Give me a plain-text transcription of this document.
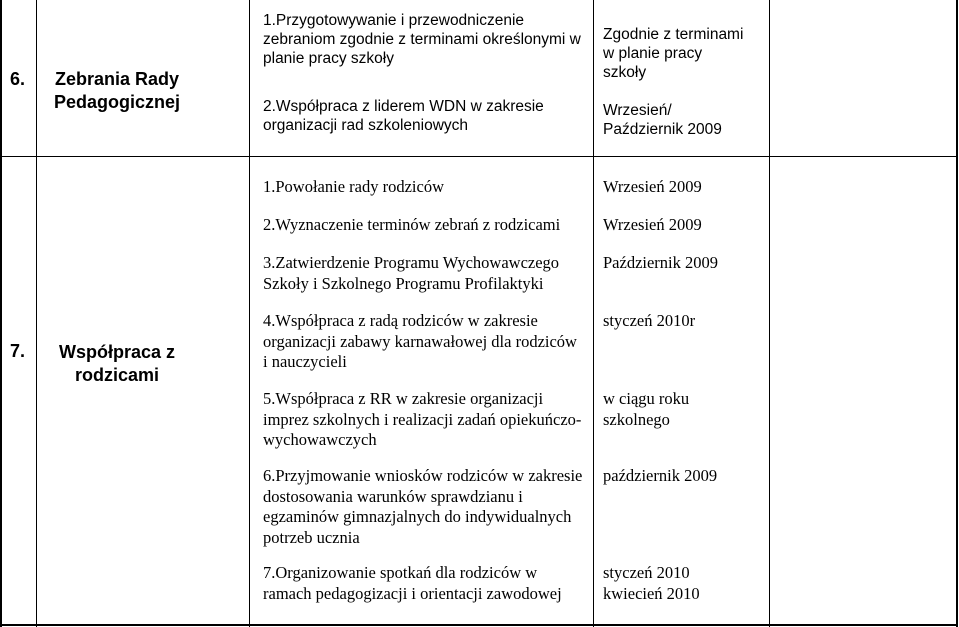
6.	Zebrania Rady
Pedagogicznej
1.Przygotowywanie i przewodniczenie
zebraniom zgodnie z terminami określonymi w
planie pracy szkoły
2.Współpraca z liderem WDN w zakresie
organizacji rad szkoleniowych
Zgodnie z terminami
w planie pracy
szkoły
Wrzesień/
Październik 2009
7.	Współpraca z
rodzicami
1.Powołanie rady rodziców
2.Wyznaczenie terminów zebrań z rodzicami
3.Zatwierdzenie Programu Wychowawczego
Szkoły i Szkolnego Programu Profilaktyki
4.Współpraca z radą rodziców w zakresie
organizacji zabawy karnawałowej dla rodziców
i nauczycieli
5.Współpraca z RR w zakresie organizacji
imprez szkolnych i realizacji zadań opiekuńczo-
wychowawczych
6.Przyjmowanie wniosków rodziców w zakresie
dostosowania warunków sprawdzianu i
egzaminów gimnazjalnych do indywidualnych
potrzeb ucznia
7.Organizowanie spotkań dla rodziców w
ramach pedagogizacji i orientacji zawodowej
Wrzesień 2009
Wrzesień 2009
Październik 2009
styczeń 2010r
w ciągu roku
szkolnego
październik 2009
styczeń 2010
kwiecień 2010
